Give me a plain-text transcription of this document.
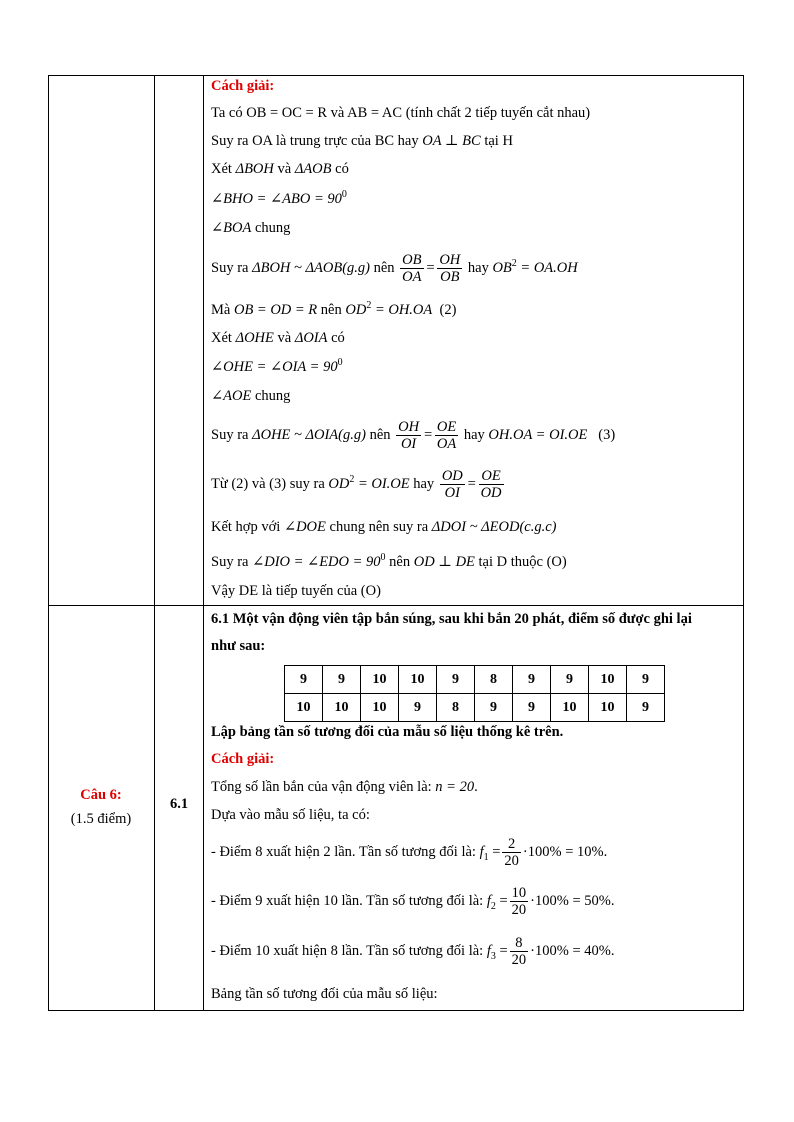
Cách giải:
Ta có OB = OC = R và AB = AC (tính chất 2 tiếp tuyến cắt nhau)
Suy ra OA là trung trực của BC hay OA ⊥ BC tại H
Xét ΔBOH và ΔAOB có
∠BHO = ∠ABO = $90^0$
∠BOA chung
Suy ra ΔBOH ~ ΔAOB(g.g) nên $\frac{OB}{OA} = \frac{OH}{OB}$ hay $OB^2 = OA.OH$
Mà OB = OD = R nên $OD^2 = OH.OA$ (2)
Xét ΔOHE và ΔOIA có
∠OHE = ∠OIA = $90^0$
∠AOE chung
Suy ra ΔOHE ~ ΔOIA(g.g) nên $\frac{OH}{OI} = \frac{OE}{OA}$ hay OH.OA = OI.OE (3)
Từ (2) và (3) suy ra $OD^2 = OI.OE$ hay $\frac{OD}{OI} = \frac{OE}{OD}$
Kết hợp với ∠DOE chung nên suy ra ΔDOI ~ ΔEOD(c.g.c)
Suy ra ∠DIO = ∠EDO = $90^0$ nên OD ⊥ DE tại D thuộc (O)
Vậy DE là tiếp tuyến của (O)
Câu 6:
(1.5 điểm)
6.1
6.1 Một vận động viên tập bắn súng, sau khi bắn 20 phát, điểm số được ghi lại
như sau:
9	9	10	10	9	8	9	9	10	9
10	10	10	9	8	9	9	10	10	9
Lập bảng tần số tương đối của mẫu số liệu thống kê trên.
Cách giải:
Tổng số lần bắn của vận động viên là: n = 20.
Dựa vào mẫu số liệu, ta có:
- Điểm 8 xuất hiện 2 lần. Tần số tương đối là: $f_1 = \frac{2}{20} \cdot 100\% = 10\%$.
- Điểm 9 xuất hiện 10 lần. Tần số tương đối là: $f_2 = \frac{10}{20} \cdot 100\% = 50\%$.
- Điểm 10 xuất hiện 8 lần. Tần số tương đối là: $f_3 = \frac{8}{20} \cdot 100\% = 40\%$.
Bảng tần số tương đối của mẫu số liệu:
